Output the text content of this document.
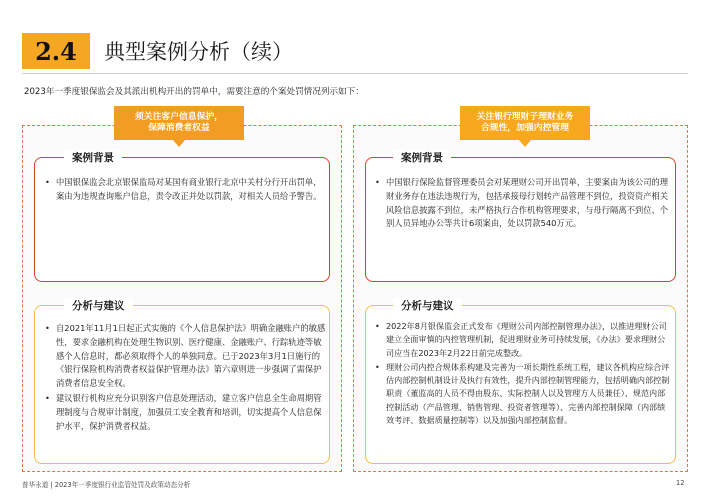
2.4	典型案例分析（续）
2023年一季度银保监会及其派出机构开出的罚单中，需要注意的个案处罚情况列示如下：
须关注客户信息保护，
保障消费者权益
案例背景
• 中国银保监会北京银保监局对某国有商业银行北京中关村分行开出罚单，案由为违规查询账户信息，责令改正并处以罚款，对相关人员给予警告。
分析与建议
• 自2021年11月1日起正式实施的《个人信息保护法》明确金融账户的敏感性，要求金融机构在处理生物识别、医疗健康、金融账户、行踪轨迹等敏感个人信息时，都必须取得个人的单独同意。已于2023年3月1日施行的《银行保险机构消费者权益保护管理办法》第六章则进一步强调了需保护消费者信息安全权。
• 建议银行机构应充分识别客户信息处理活动，建立客户信息全生命周期管理制度与合规审计制度，加强员工安全教育和培训，切实提高个人信息保护水平，保护消费者权益。
关注银行理财子理财业务
合规性，加强内控管理
案例背景
• 中国银行保险监督管理委员会对某理财公司开出罚单，主要案由为该公司的理财业务存在违法违规行为，包括承接母行划转产品管理不到位，投资资产相关风险信息披露不到位，未严格执行合作机构管理要求，与母行隔离不到位、个别人员异地办公等共计6项案由，处以罚款540万元。
分析与建议
• 2022年8月银保监会正式发布《理财公司内部控制管理办法》，以推进理财公司建立全面审慎的内控管理机制，促进理财业务可持续发展，《办法》要求理财公司应当在2023年2月22日前完成整改。
• 理财公司内控合规体系构建及完善为一项长期性系统工程，建议各机构应综合评估内部控制机制设计及执行有效性，提升内部控制管理能力，包括明确内部控制职责（董监高的人员不得由股东、实际控制人以及管理方人员兼任）、规范内部控制活动（产品管理、销售管理、投资者管理等）、完善内部控制保障（内部绩效考评、数据质量控制等）以及加强内部控制监督。
普华永道 | 2023年一季度银行业监管处罚及政策动态分析	12
